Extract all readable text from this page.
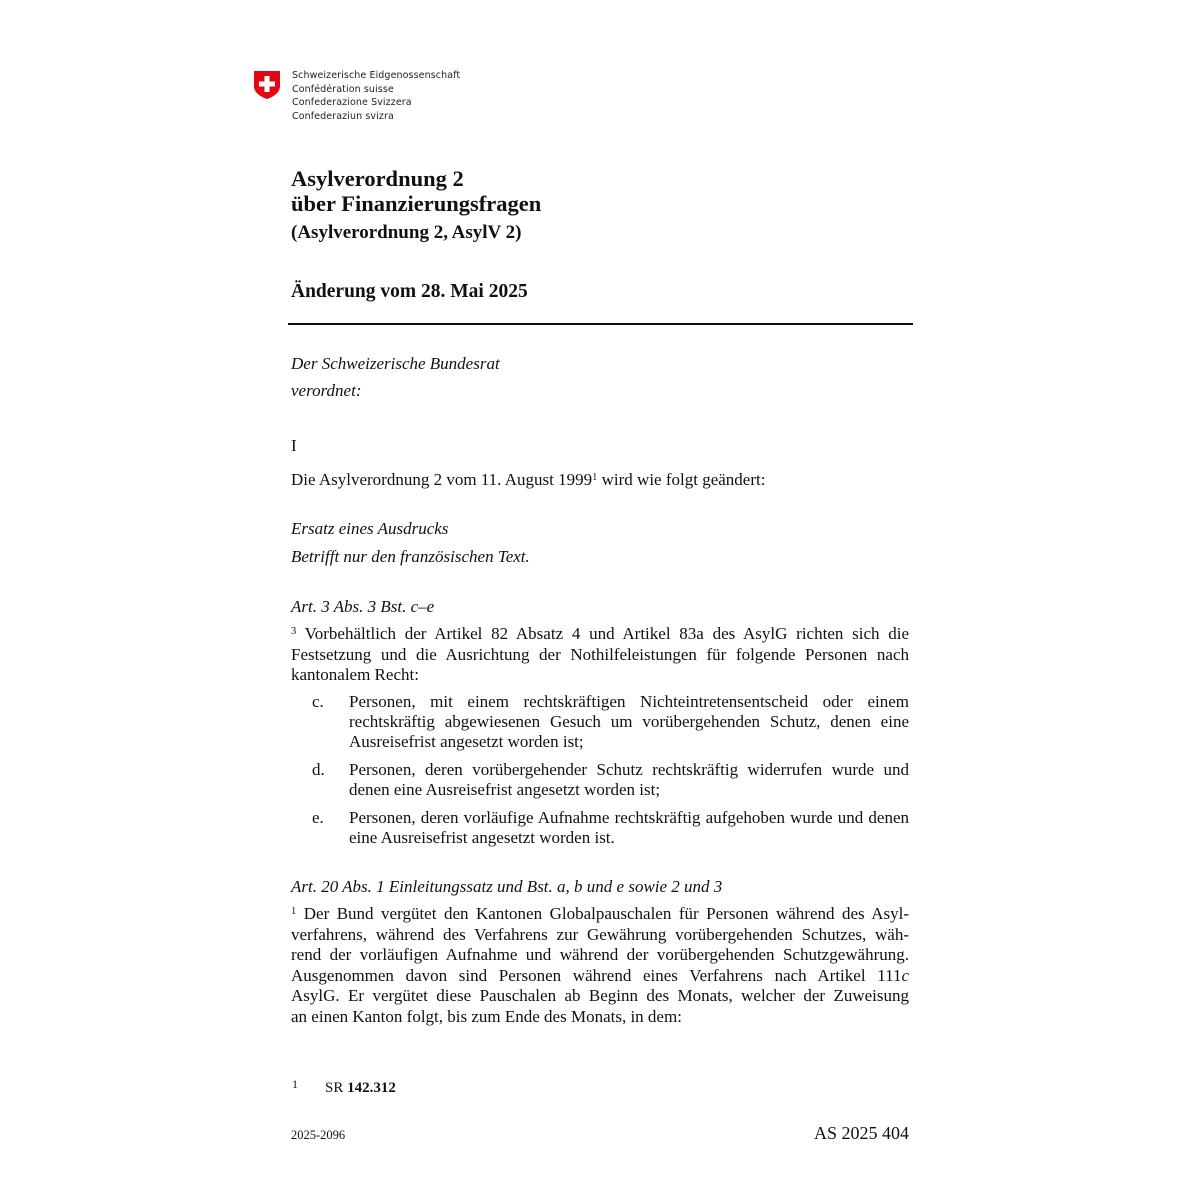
Schweizerische Eidgenossenschaft
Confédération suisse
Confederazione Svizzera
Confederaziun svizra
Asylverordnung 2
über Finanzierungsfragen
(Asylverordnung 2, AsylV 2)
Änderung vom 28. Mai 2025
Der Schweizerische Bundesrat
verordnet:
I
Die Asylverordnung 2 vom 11. August 1999$^1$ wird wie folgt geändert:
Ersatz eines Ausdrucks
Betrifft nur den französischen Text.
Art. 3 Abs. 3 Bst. c–e
$^3$ Vorbehältlich der Artikel 82 Absatz 4 und Artikel 83a des AsylG richten sich die Festsetzung und die Ausrichtung der Nothilfeleistungen für folgende Personen nach kantonalem Recht:
c. Personen, mit einem rechtskräftigen Nichteintretensentscheid oder einem rechtskräftig abgewiesenen Gesuch um vorübergehenden Schutz, denen eine Ausreisefrist angesetzt worden ist;
d. Personen, deren vorübergehender Schutz rechtskräftig widerrufen wurde und denen eine Ausreisefrist angesetzt worden ist;
e. Personen, deren vorläufige Aufnahme rechtskräftig aufgehoben wurde und denen eine Ausreisefrist angesetzt worden ist.
Art. 20 Abs. 1 Einleitungssatz und Bst. a, b und e sowie 2 und 3
$^1$ Der Bund vergütet den Kantonen Globalpauschalen für Personen während des Asyl-
verfahrens, während des Verfahrens zur Gewährung vorübergehenden Schutzes, wäh-
rend der vorläufigen Aufnahme und während der vorübergehenden Schutzgewährung.
Ausgenommen davon sind Personen während eines Verfahrens nach Artikel 111c
AsylG. Er vergütet diese Pauschalen ab Beginn des Monats, welcher der Zuweisung
an einen Kanton folgt, bis zum Ende des Monats, in dem:
1 SR 142.312
2025-2096	AS 2025 404
